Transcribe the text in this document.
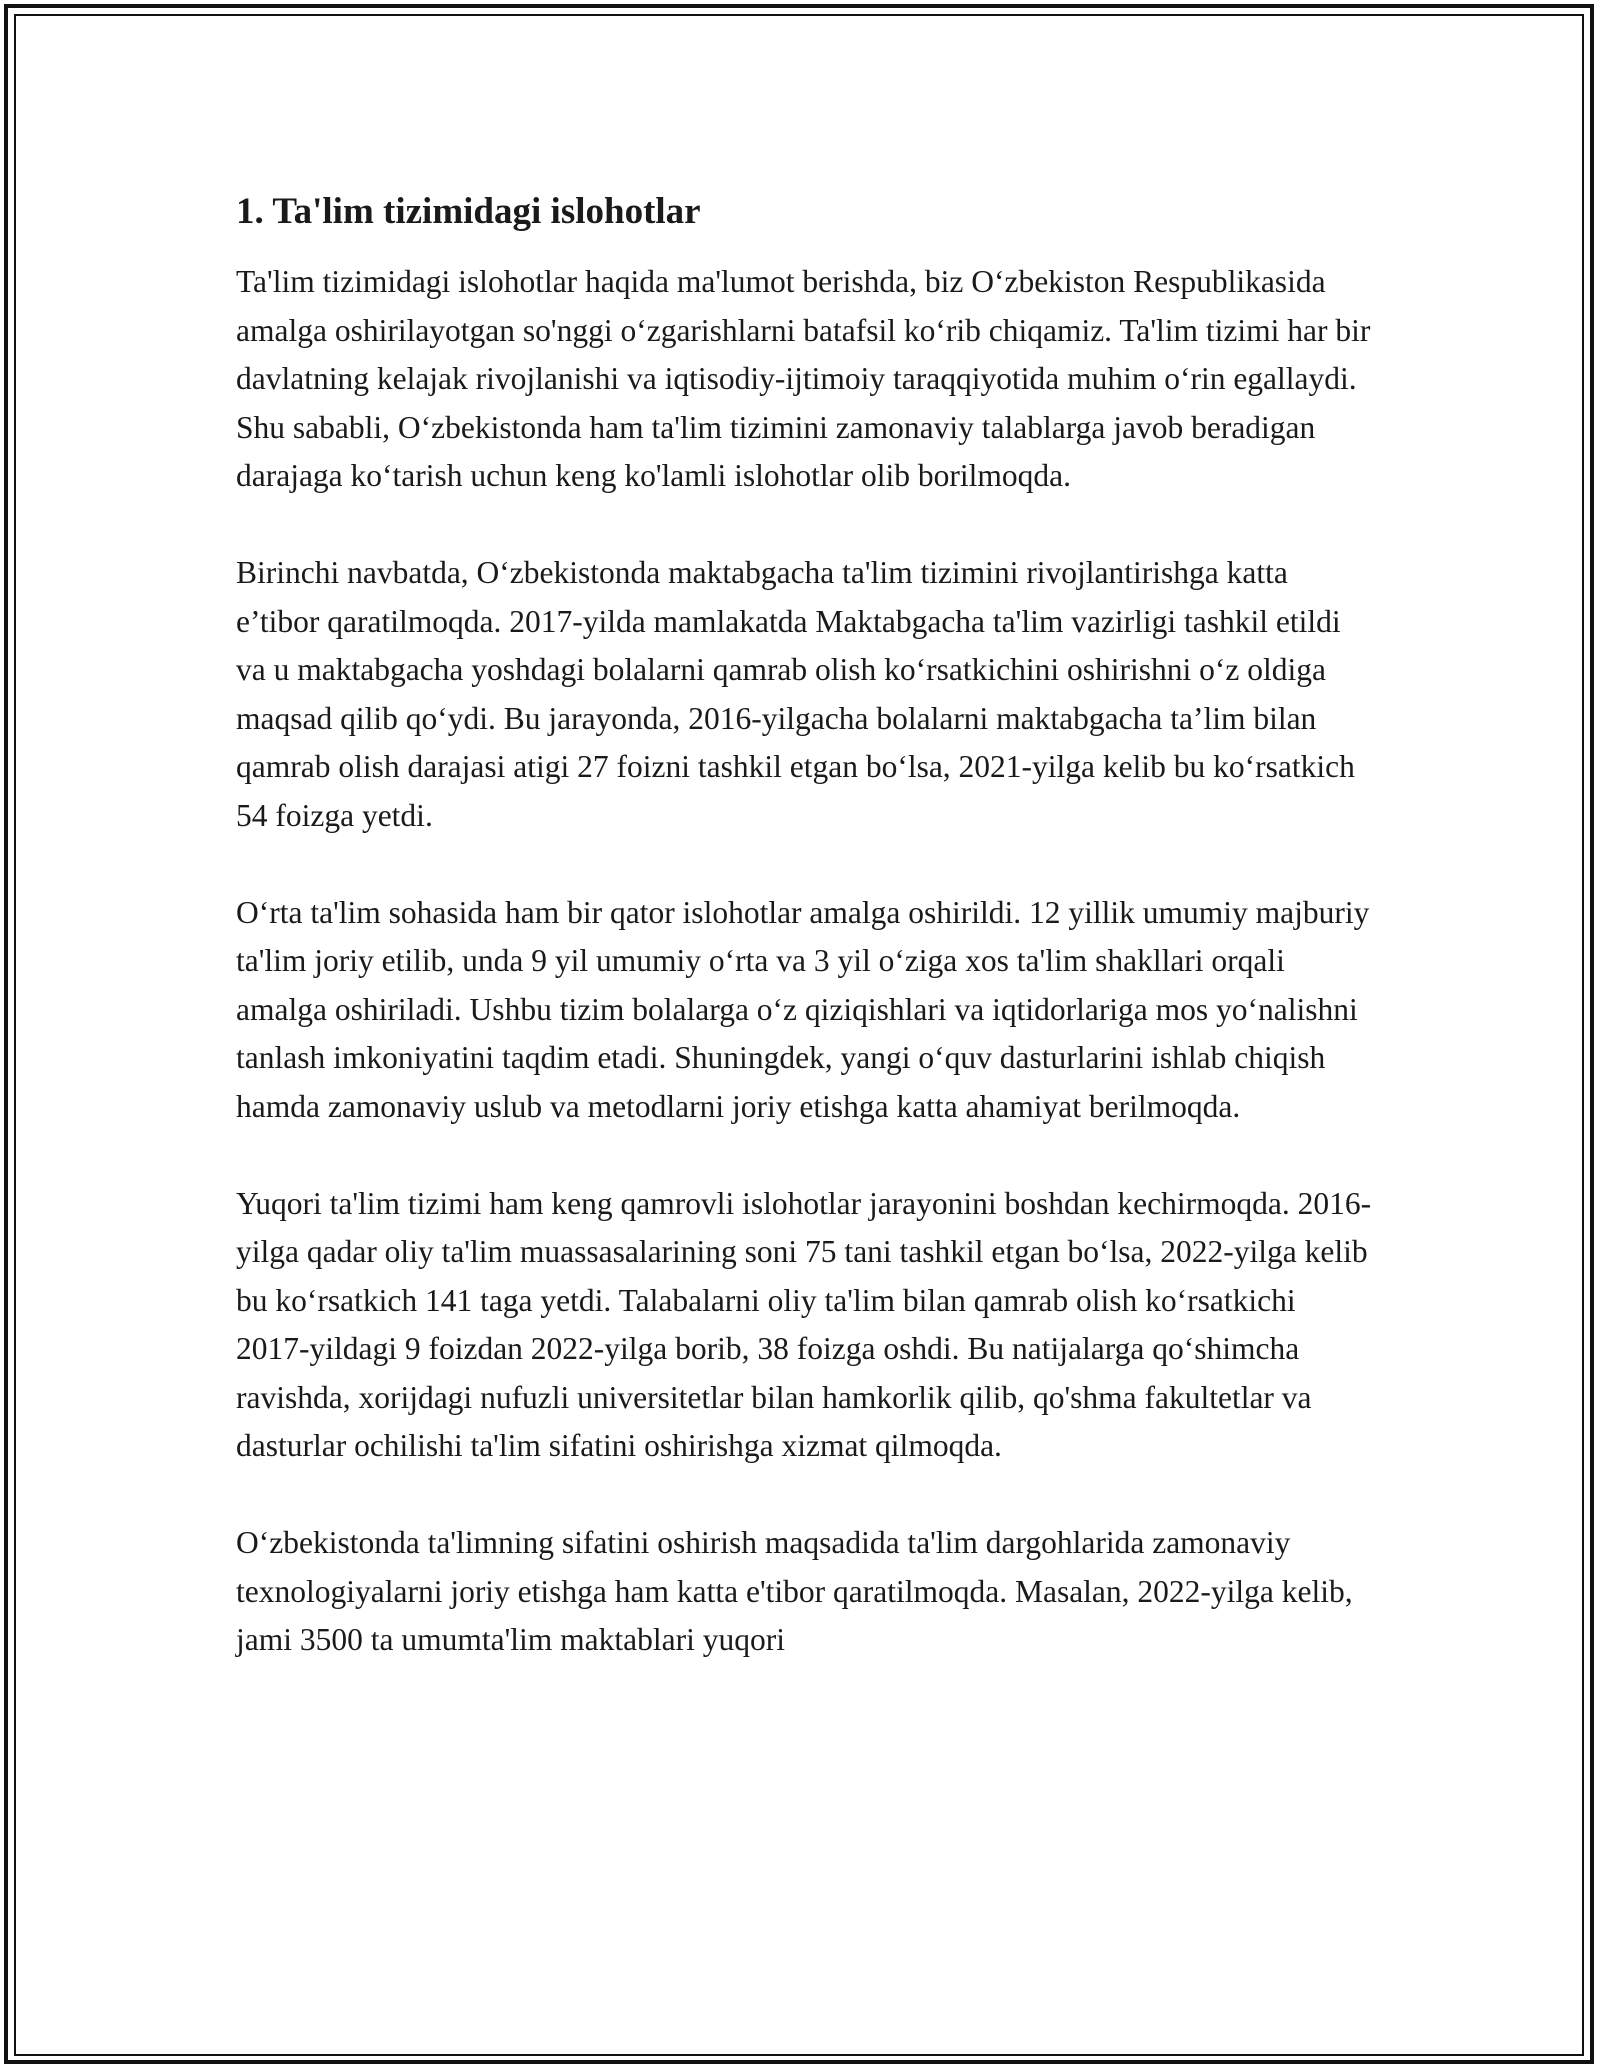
1. Ta'lim tizimidagi islohotlar

Ta'lim tizimidagi islohotlar haqida ma'lumot berishda, biz O‘zbekiston Respublikasida amalga oshirilayotgan so'nggi o‘zgarishlarni batafsil ko‘rib chiqamiz. Ta'lim tizimi har bir davlatning kelajak rivojlanishi va iqtisodiy-ijtimoiy taraqqiyotida muhim o‘rin egallaydi. Shu sababli, O‘zbekistonda ham ta'lim tizimini zamonaviy talablarga javob beradigan darajaga ko‘tarish uchun keng ko'lamli islohotlar olib borilmoqda.

Birinchi navbatda, O‘zbekistonda maktabgacha ta'lim tizimini rivojlantirishga katta e’tibor qaratilmoqda. 2017-yilda mamlakatda Maktabgacha ta'lim vazirligi tashkil etildi va u maktabgacha yoshdagi bolalarni qamrab olish ko‘rsatkichini oshirishni o‘z oldiga maqsad qilib qo‘ydi. Bu jarayonda, 2016-yilgacha bolalarni maktabgacha ta’lim bilan qamrab olish darajasi atigi 27 foizni tashkil etgan bo‘lsa, 2021-yilga kelib bu ko‘rsatkich 54 foizga yetdi.

O‘rta ta'lim sohasida ham bir qator islohotlar amalga oshirildi. 12 yillik umumiy majburiy ta'lim joriy etilib, unda 9 yil umumiy o‘rta va 3 yil o‘ziga xos ta'lim shakllari orqali amalga oshiriladi. Ushbu tizim bolalarga o‘z qiziqishlari va iqtidorlariga mos yo‘nalishni tanlash imkoniyatini taqdim etadi. Shuningdek, yangi o‘quv dasturlarini ishlab chiqish hamda zamonaviy uslub va metodlarni joriy etishga katta ahamiyat berilmoqda.

Yuqori ta'lim tizimi ham keng qamrovli islohotlar jarayonini boshdan kechirmoqda. 2016-yilga qadar oliy ta'lim muassasalarining soni 75 tani tashkil etgan bo‘lsa, 2022-yilga kelib bu ko‘rsatkich 141 taga yetdi. Talabalarni oliy ta'lim bilan qamrab olish ko‘rsatkichi 2017-yildagi 9 foizdan 2022-yilga borib, 38 foizga oshdi. Bu natijalarga qo‘shimcha ravishda, xorijdagi nufuzli universitetlar bilan hamkorlik qilib, qo'shma fakultetlar va dasturlar ochilishi ta'lim sifatini oshirishga xizmat qilmoqda.

O‘zbekistonda ta'limning sifatini oshirish maqsadida ta'lim dargohlarida zamonaviy texnologiyalarni joriy etishga ham katta e'tibor qaratilmoqda. Masalan, 2022-yilga kelib, jami 3500 ta umumta'lim maktablari yuqori
